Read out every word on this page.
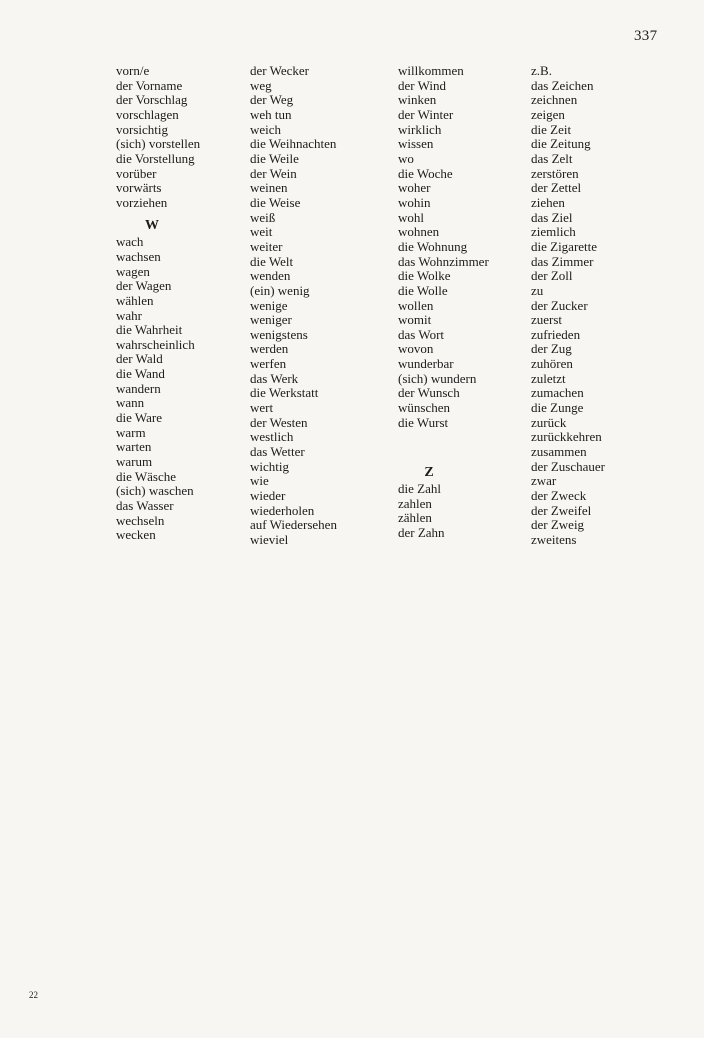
337
vorn/e
der Vorname
der Vorschlag
vorschlagen
vorsichtig
(sich) vorstellen
die Vorstellung
vorüber
vorwärts
vorziehen
W
wach
wachsen
wagen
der Wagen
wählen
wahr
die Wahrheit
wahrscheinlich
der Wald
die Wand
wandern
wann
die Ware
warm
warten
warum
die Wäsche
(sich) waschen
das Wasser
wechseln
wecken
der Wecker
weg
der Weg
weh tun
weich
die Weihnachten
die Weile
der Wein
weinen
die Weise
weiß
weit
weiter
die Welt
wenden
(ein) wenig
wenige
weniger
wenigstens
werden
werfen
das Werk
die Werkstatt
wert
der Westen
westlich
das Wetter
wichtig
wie
wieder
wiederholen
auf Wiedersehen
wieviel
willkommen
der Wind
winken
der Winter
wirklich
wissen
wo
die Woche
woher
wohin
wohl
wohnen
die Wohnung
das Wohnzimmer
die Wolke
die Wolle
wollen
womit
das Wort
wovon
wunderbar
(sich) wundern
der Wunsch
wünschen
die Wurst
Z
die Zahl
zahlen
zählen
der Zahn
z.B.
das Zeichen
zeichnen
zeigen
die Zeit
die Zeitung
das Zelt
zerstören
der Zettel
ziehen
das Ziel
ziemlich
die Zigarette
das Zimmer
der Zoll
zu
der Zucker
zuerst
zufrieden
der Zug
zuhören
zuletzt
zumachen
die Zunge
zurück
zurückkehren
zusammen
der Zuschauer
zwar
der Zweck
der Zweifel
der Zweig
zweitens
22
